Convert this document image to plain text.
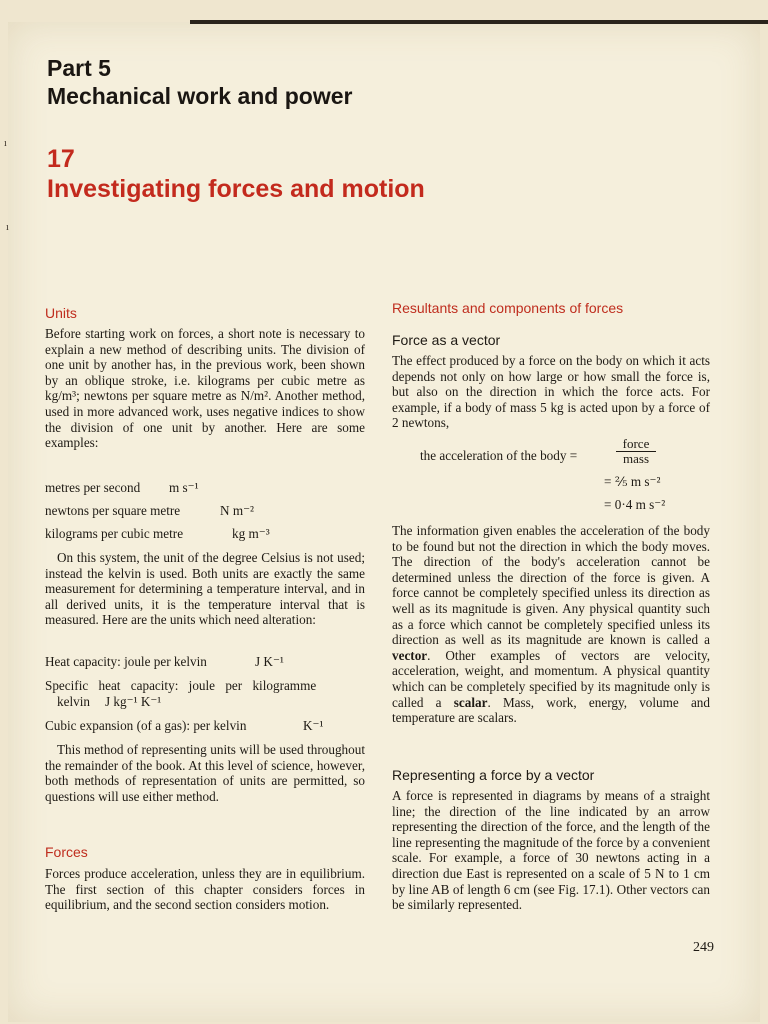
Part 5
Mechanical work and power
17
Investigating forces and motion
ı
ı
Units
Before starting work on forces, a short note is necessary to explain a new method of describing units. The division of one unit by another has, in the previous work, been shown by an oblique stroke, i.e. kilograms per cubic metre as kg/m³; newtons per square metre as N/m². Another method, used in more advanced work, uses negative indices to show the division of one unit by another. Here are some examples:
metres per second m s⁻¹
newtons per square metre	N m⁻²
kilograms per cubic metre	kg m⁻³
On this system, the unit of the degree Celsius is not used; instead the kelvin is used. Both units are exactly the same measurement for determining a temperature interval, and in all derived units, it is the temperature interval that is measured. Here are the units which need alteration:
Heat capacity: joule per kelvin	J K⁻¹
Specific heat capacity: joule per kilogramme
kelvin J kg⁻¹ K⁻¹
Cubic expansion (of a gas): per kelvin	K⁻¹
This method of representing units will be used throughout the remainder of the book. At this level of science, however, both methods of representation of units are permitted, so questions will use either method.
Forces
Forces produce acceleration, unless they are in equilibrium. The first section of this chapter considers forces in equilibrium, and the second section considers motion.
Resultants and components of forces
Force as a vector
The effect produced by a force on the body on which it acts depends not only on how large or how small the force is, but also on the direction in which the force acts. For example, if a body of mass 5 kg is acted upon by a force of 2 newtons,
the acceleration of the body =
force
mass
= ⅖ m s⁻²
= 0·4 m s⁻²
The information given enables the acceleration of the body to be found but not the direction in which the body moves. The direction of the body's acceleration cannot be determined unless the direction of the force is given. A force cannot be completely specified unless its direction as well as its magnitude is given. Any physical quantity such as a force which cannot be completely specified unless its direction as well as its magnitude are known is called a vector. Other examples of vectors are velocity, acceleration, weight, and momentum. A physical quantity which can be completely specified by its magnitude only is called a scalar. Mass, work, energy, volume and temperature are scalars.
Representing a force by a vector
A force is represented in diagrams by means of a straight line; the direction of the line indicated by an arrow representing the direction of the force, and the length of the line representing the magnitude of the force by a convenient scale. For example, a force of 30 newtons acting in a direction due East is represented on a scale of 5 N to 1 cm by line AB of length 6 cm (see Fig. 17.1). Other vectors can be similarly represented.
249
